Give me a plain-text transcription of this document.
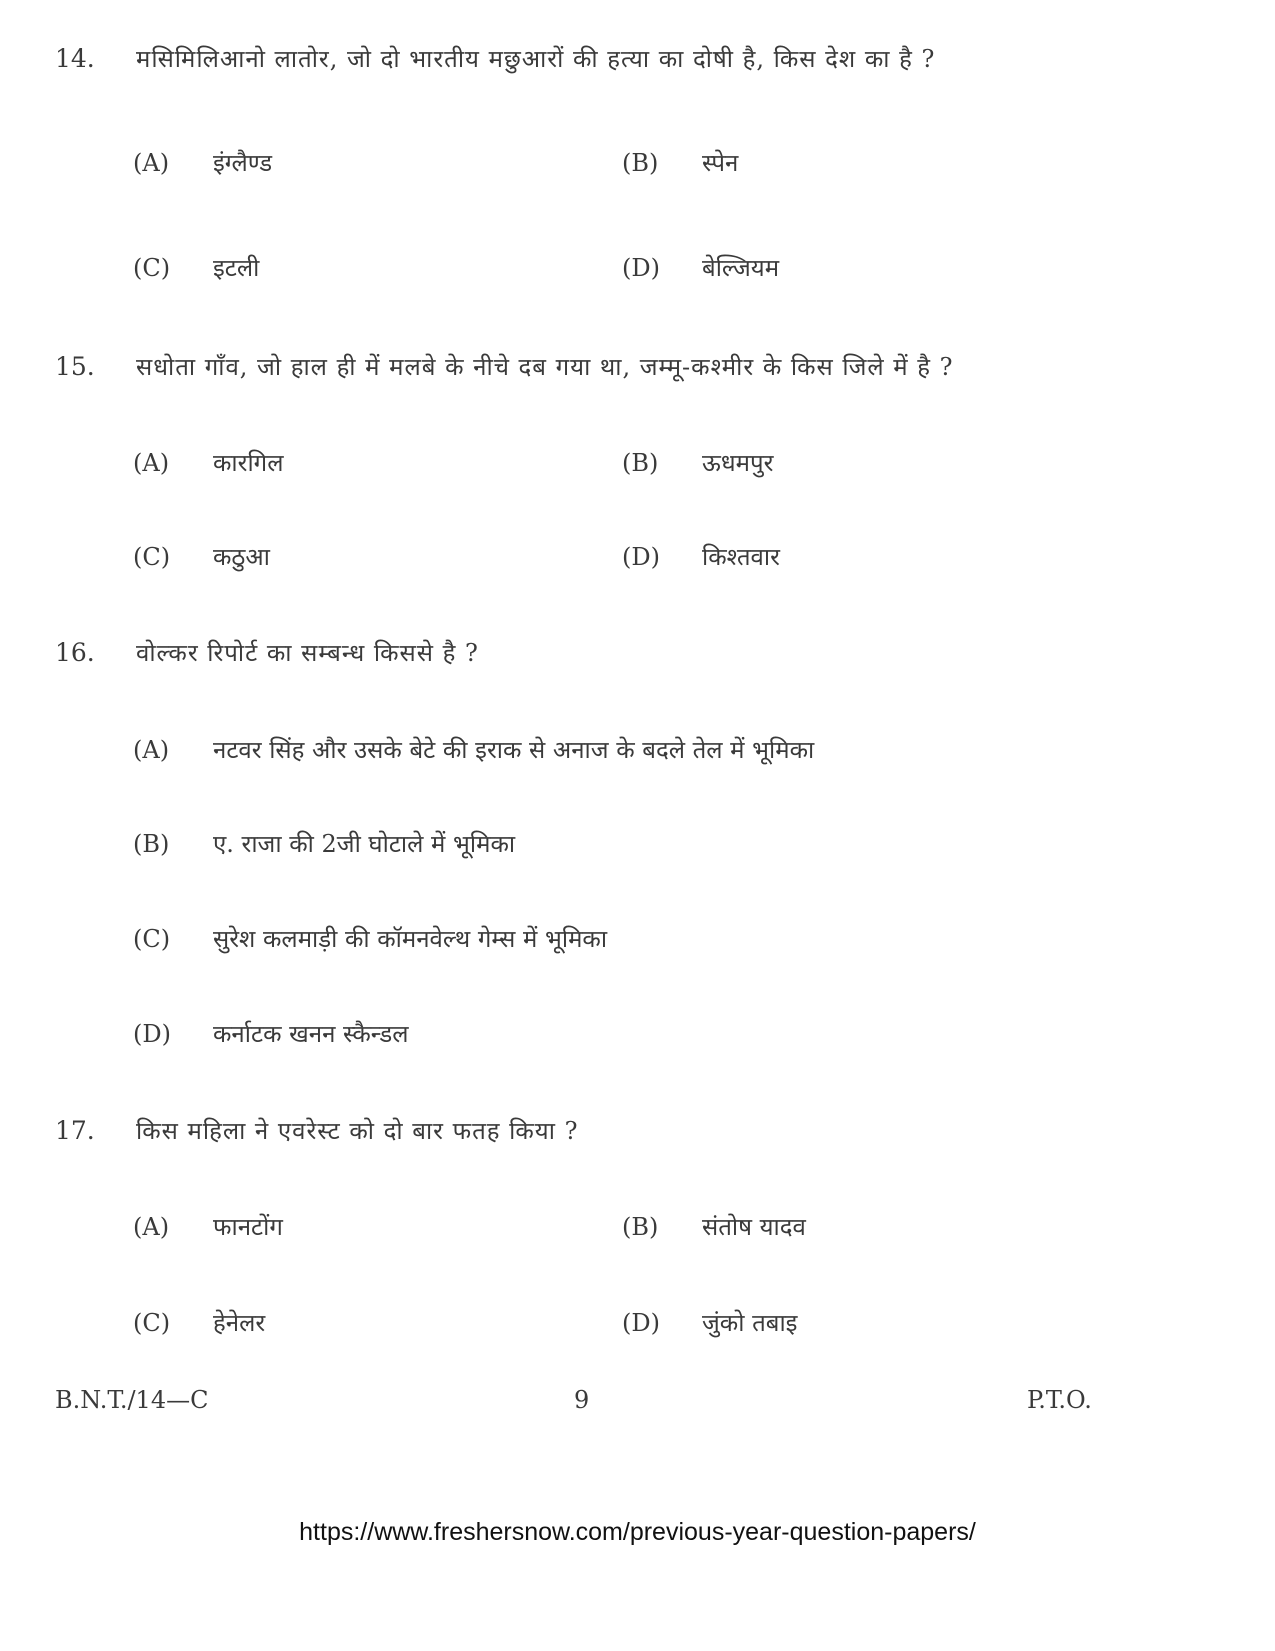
14. मसिमिलिआनो लातोर, जो दो भारतीय मछुआरों की हत्या का दोषी है, किस देश का है ?
(A) इंग्लैण्ड	(B) स्पेन
(C) इटली	(D) बेल्जियम
15. सधोता गाँव, जो हाल ही में मलबे के नीचे दब गया था, जम्मू-कश्मीर के किस जिले में है ?
(A) कारगिल	(B) ऊधमपुर
(C) कठुआ	(D) किश्तवार
16. वोल्कर रिपोर्ट का सम्बन्ध किससे है ?
(A) नटवर सिंह और उसके बेटे की इराक से अनाज के बदले तेल में भूमिका
(B) ए. राजा की 2जी घोटाले में भूमिका
(C) सुरेश कलमाड़ी की कॉमनवेल्थ गेम्स में भूमिका
(D) कर्नाटक खनन स्कैन्डल
17. किस महिला ने एवरेस्ट को दो बार फतह किया ?
(A) फानटोंग	(B) संतोष यादव
(C) हेनेलर	(D) जुंको तबाइ
B.N.T./14—C	9	P.T.O.
https://www.freshersnow.com/previous-year-question-papers/
